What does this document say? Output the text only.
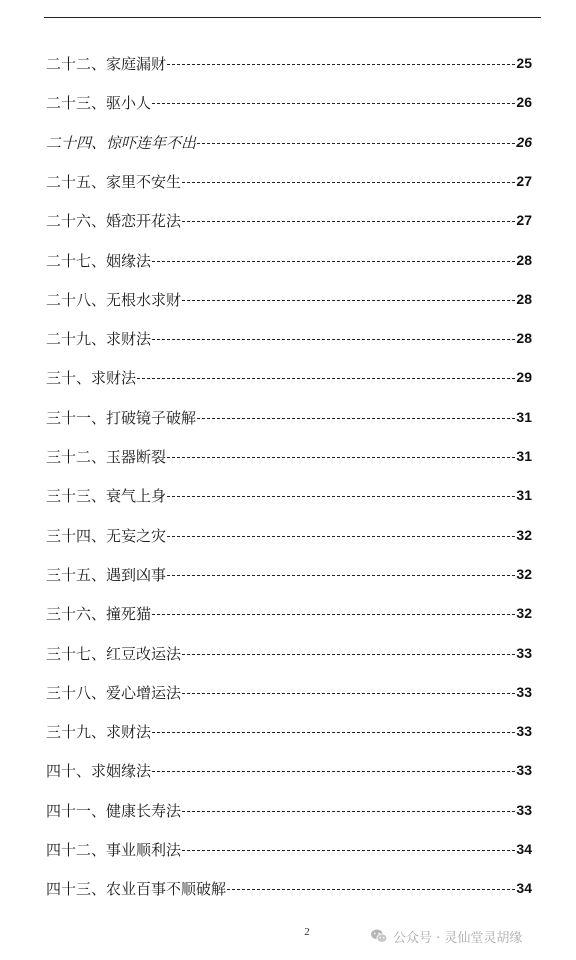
二十二、家庭漏财	25
二十三、驱小人	26
二十四、惊吓连年不出	26
二十五、家里不安生	27
二十六、婚恋开花法	27
二十七、姻缘法	28
二十八、无根水求财	28
二十九、求财法	28
三十、求财法	29
三十一、打破镜子破解	31
三十二、玉器断裂	31
三十三、衰气上身	31
三十四、无妄之灾	32
三十五、遇到凶事	32
三十六、撞死猫	32
三十七、红豆改运法	33
三十八、爱心增运法	33
三十九、求财法	33
四十、求姻缘法	33
四十一、健康长寿法	33
四十二、事业顺利法	34
四十三、农业百事不顺破解	34
2	公众号 · 灵仙堂灵胡缘
